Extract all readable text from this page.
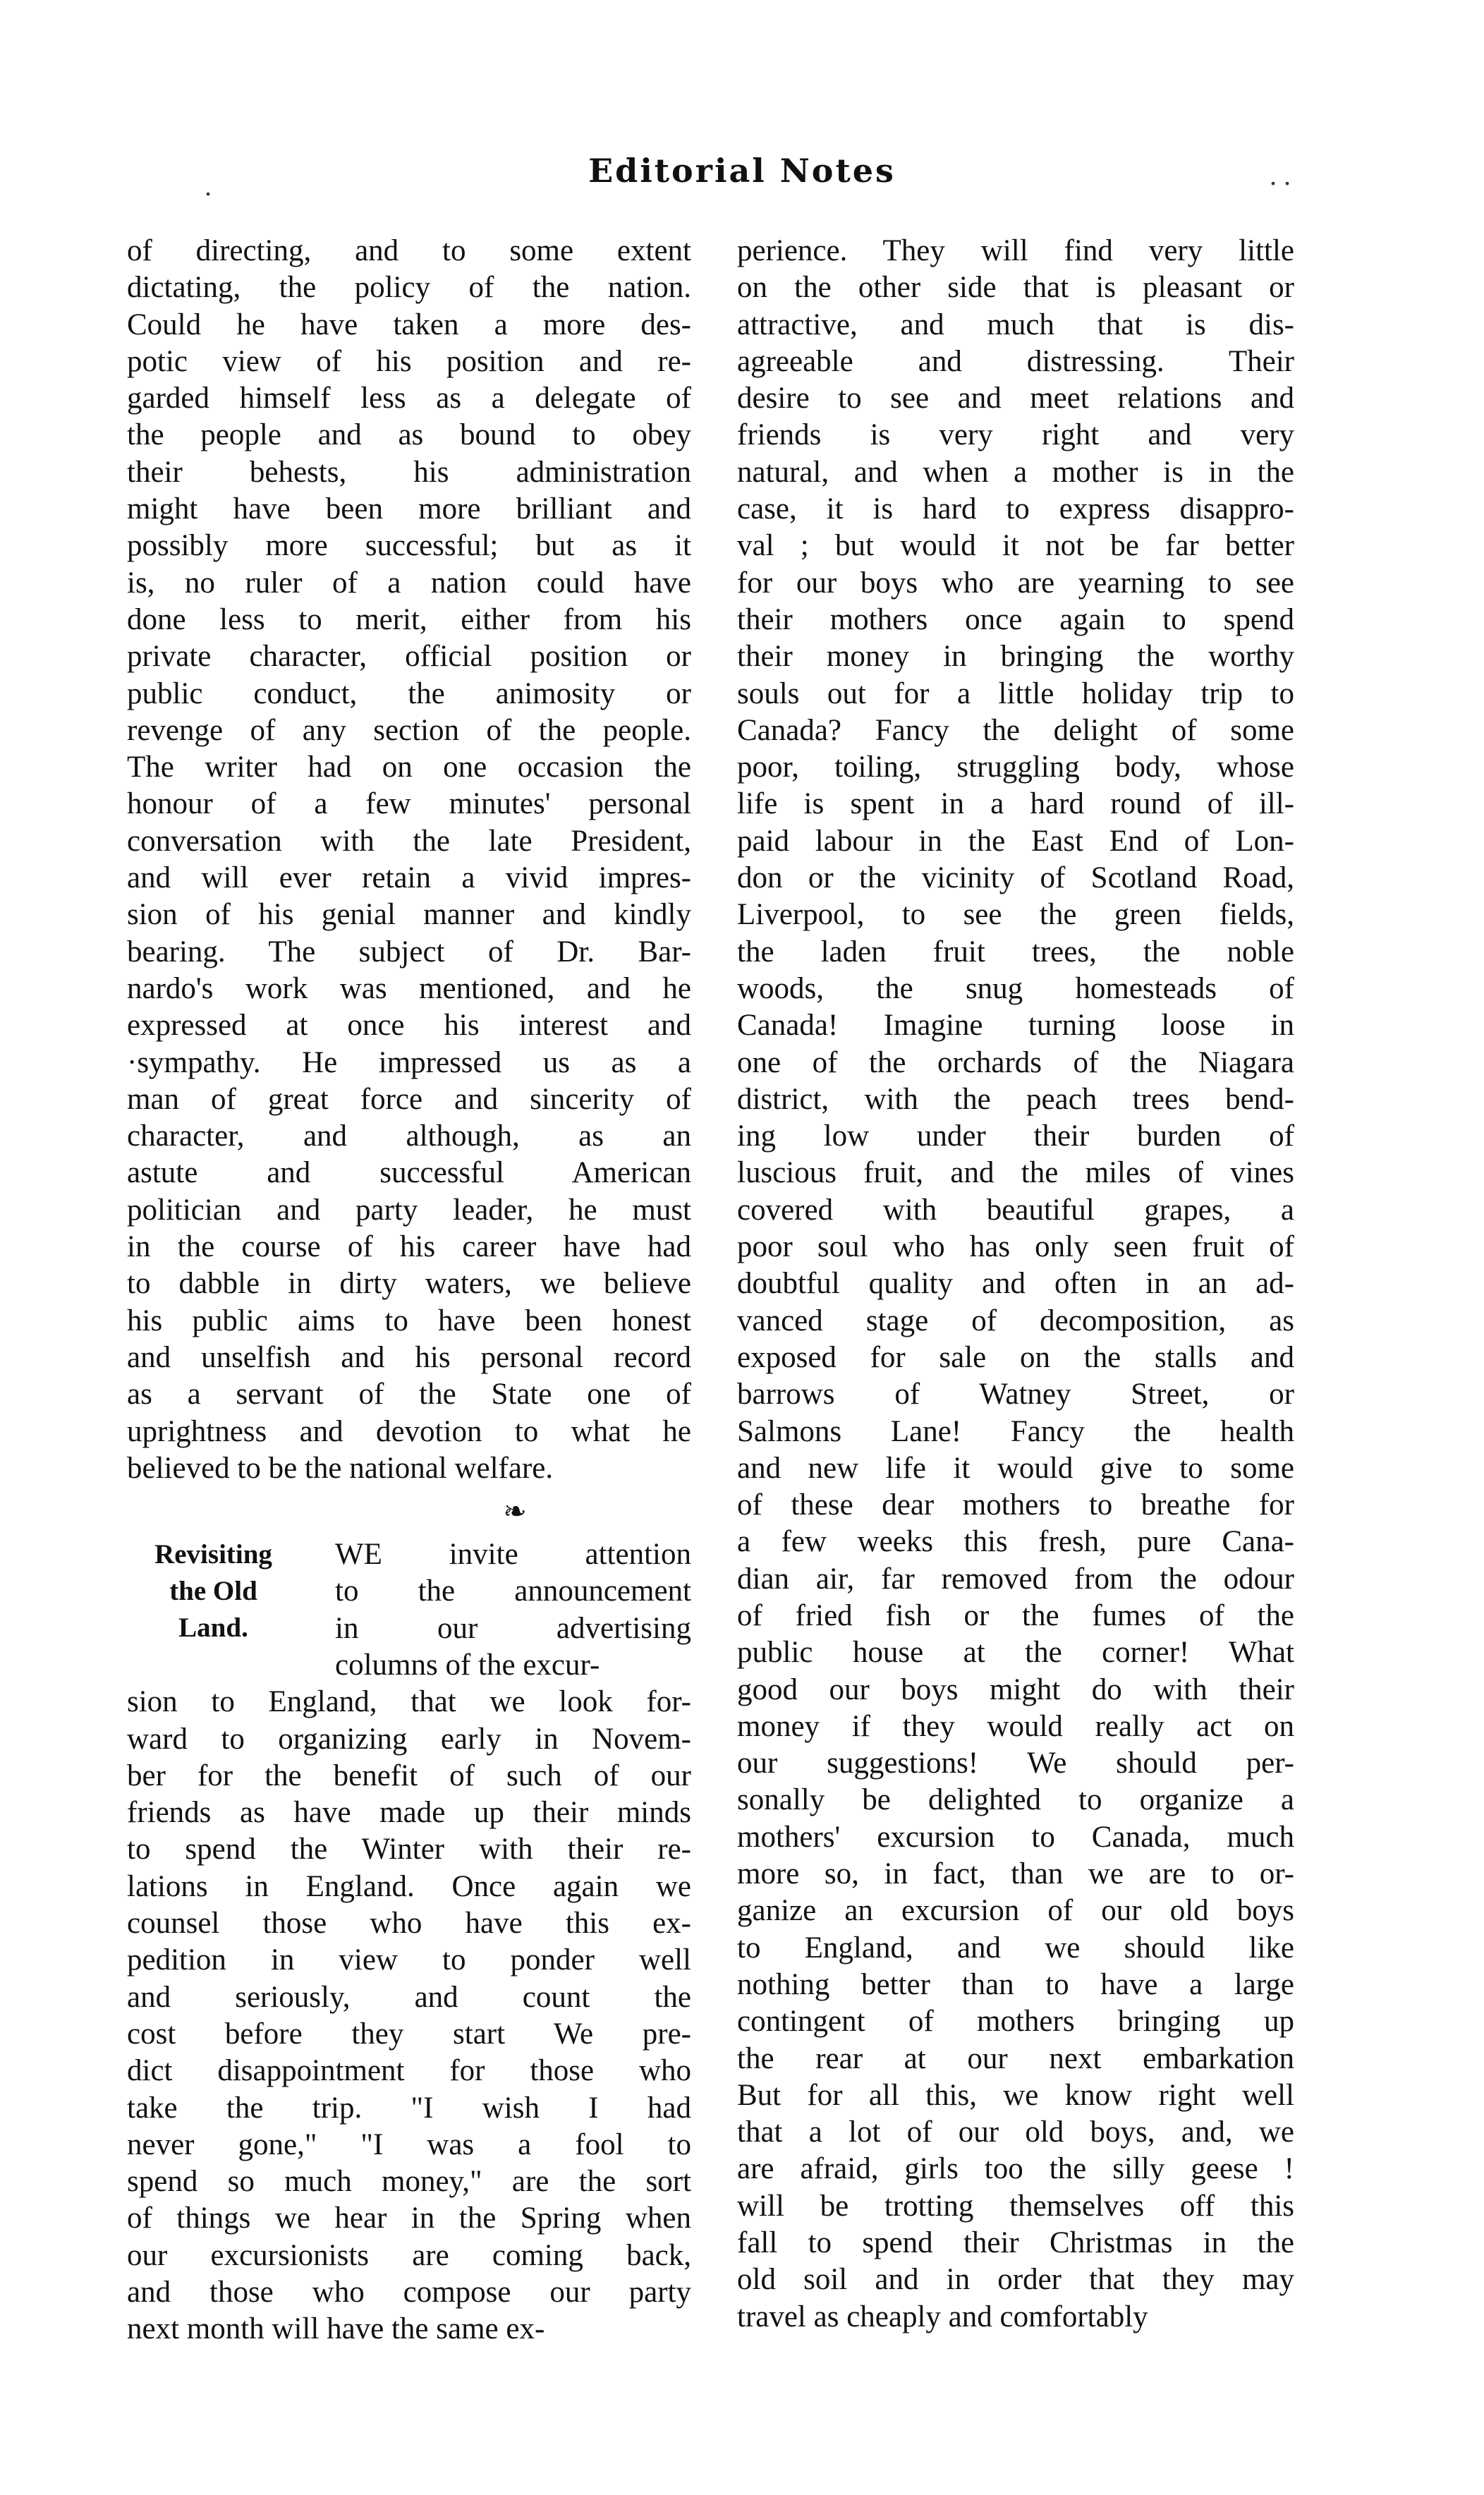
.	Editorial Notes	. .
of directing, and to some extent
dictating, the policy of the nation.
Could he have taken a more des-
potic view of his position and re-
garded himself less as a delegate of
the people and as bound to obey
their behests, his administration
might have been more brilliant and
possibly more successful; but as it
is, no ruler of a nation could have
done less to merit, either from his
private character, official position or
public conduct, the animosity or
revenge of any section of the people.
The writer had on one occasion the
honour of a few minutes' personal
conversation with the late President,
and will ever retain a vivid impres-
sion of his genial manner and kindly
bearing. The subject of Dr. Bar-
nardo's work was mentioned, and he
expressed at once his interest and
·sympathy. He impressed us as a
man of great force and sincerity of
character, and although, as an
astute and successful American
politician and party leader, he must
in the course of his career have had
to dabble in dirty waters, we believe
his public aims to have been honest
and unselfish and his personal record
as a servant of the State one of
uprightness and devotion to what he
believed to be the national welfare.
❧
Revisiting
the Old
Land.
WE invite attention
to the announcement
in our advertising
columns of the excur-
sion to England, that we look for-
ward to organizing early in Novem-
ber for the benefit of such of our
friends as have made up their minds
to spend the Winter with their re-
lations in England. Once again we
counsel those who have this ex-
pedition in view to ponder well
and seriously, and count the
cost before they start We pre-
dict disappointment for those who
take the trip. "I wish I had
never gone," "I was a fool to
spend so much money," are the sort
of things we hear in the Spring when
our excursionists are coming back,
and those who compose our party
next month will have the same ex-
perience. They will find very little
on the other side that is pleasant or
attractive, and much that is dis-
agreeable and distressing. Their
desire to see and meet relations and
friends is very right and very
natural, and when a mother is in the
case, it is hard to express disappro-
val ; but would it not be far better
for our boys who are yearning to see
their mothers once again to spend
their money in bringing the worthy
souls out for a little holiday trip to
Canada? Fancy the delight of some
poor, toiling, struggling body, whose
life is spent in a hard round of ill-
paid labour in the East End of Lon-
don or the vicinity of Scotland Road,
Liverpool, to see the green fields,
the laden fruit trees, the noble
woods, the snug homesteads of
Canada! Imagine turning loose in
one of the orchards of the Niagara
district, with the peach trees bend-
ing low under their burden of
luscious fruit, and the miles of vines
covered with beautiful grapes, a
poor soul who has only seen fruit of
doubtful quality and often in an ad-
vanced stage of decomposition, as
exposed for sale on the stalls and
barrows of Watney Street, or
Salmons Lane! Fancy the health
and new life it would give to some
of these dear mothers to breathe for
a few weeks this fresh, pure Cana-
dian air, far removed from the odour
of fried fish or the fumes of the
public house at the corner! What
good our boys might do with their
money if they would really act on
our suggestions! We should per-
sonally be delighted to organize a
mothers' excursion to Canada, much
more so, in fact, than we are to or-
ganize an excursion of our old boys
to England, and we should like
nothing better than to have a large
contingent of mothers bringing up
the rear at our next embarkation
But for all this, we know right well
that a lot of our old boys, and, we
are afraid, girls too the silly geese !
will be trotting themselves off this
fall to spend their Christmas in the
old soil and in order that they may
travel as cheaply and comfortably
